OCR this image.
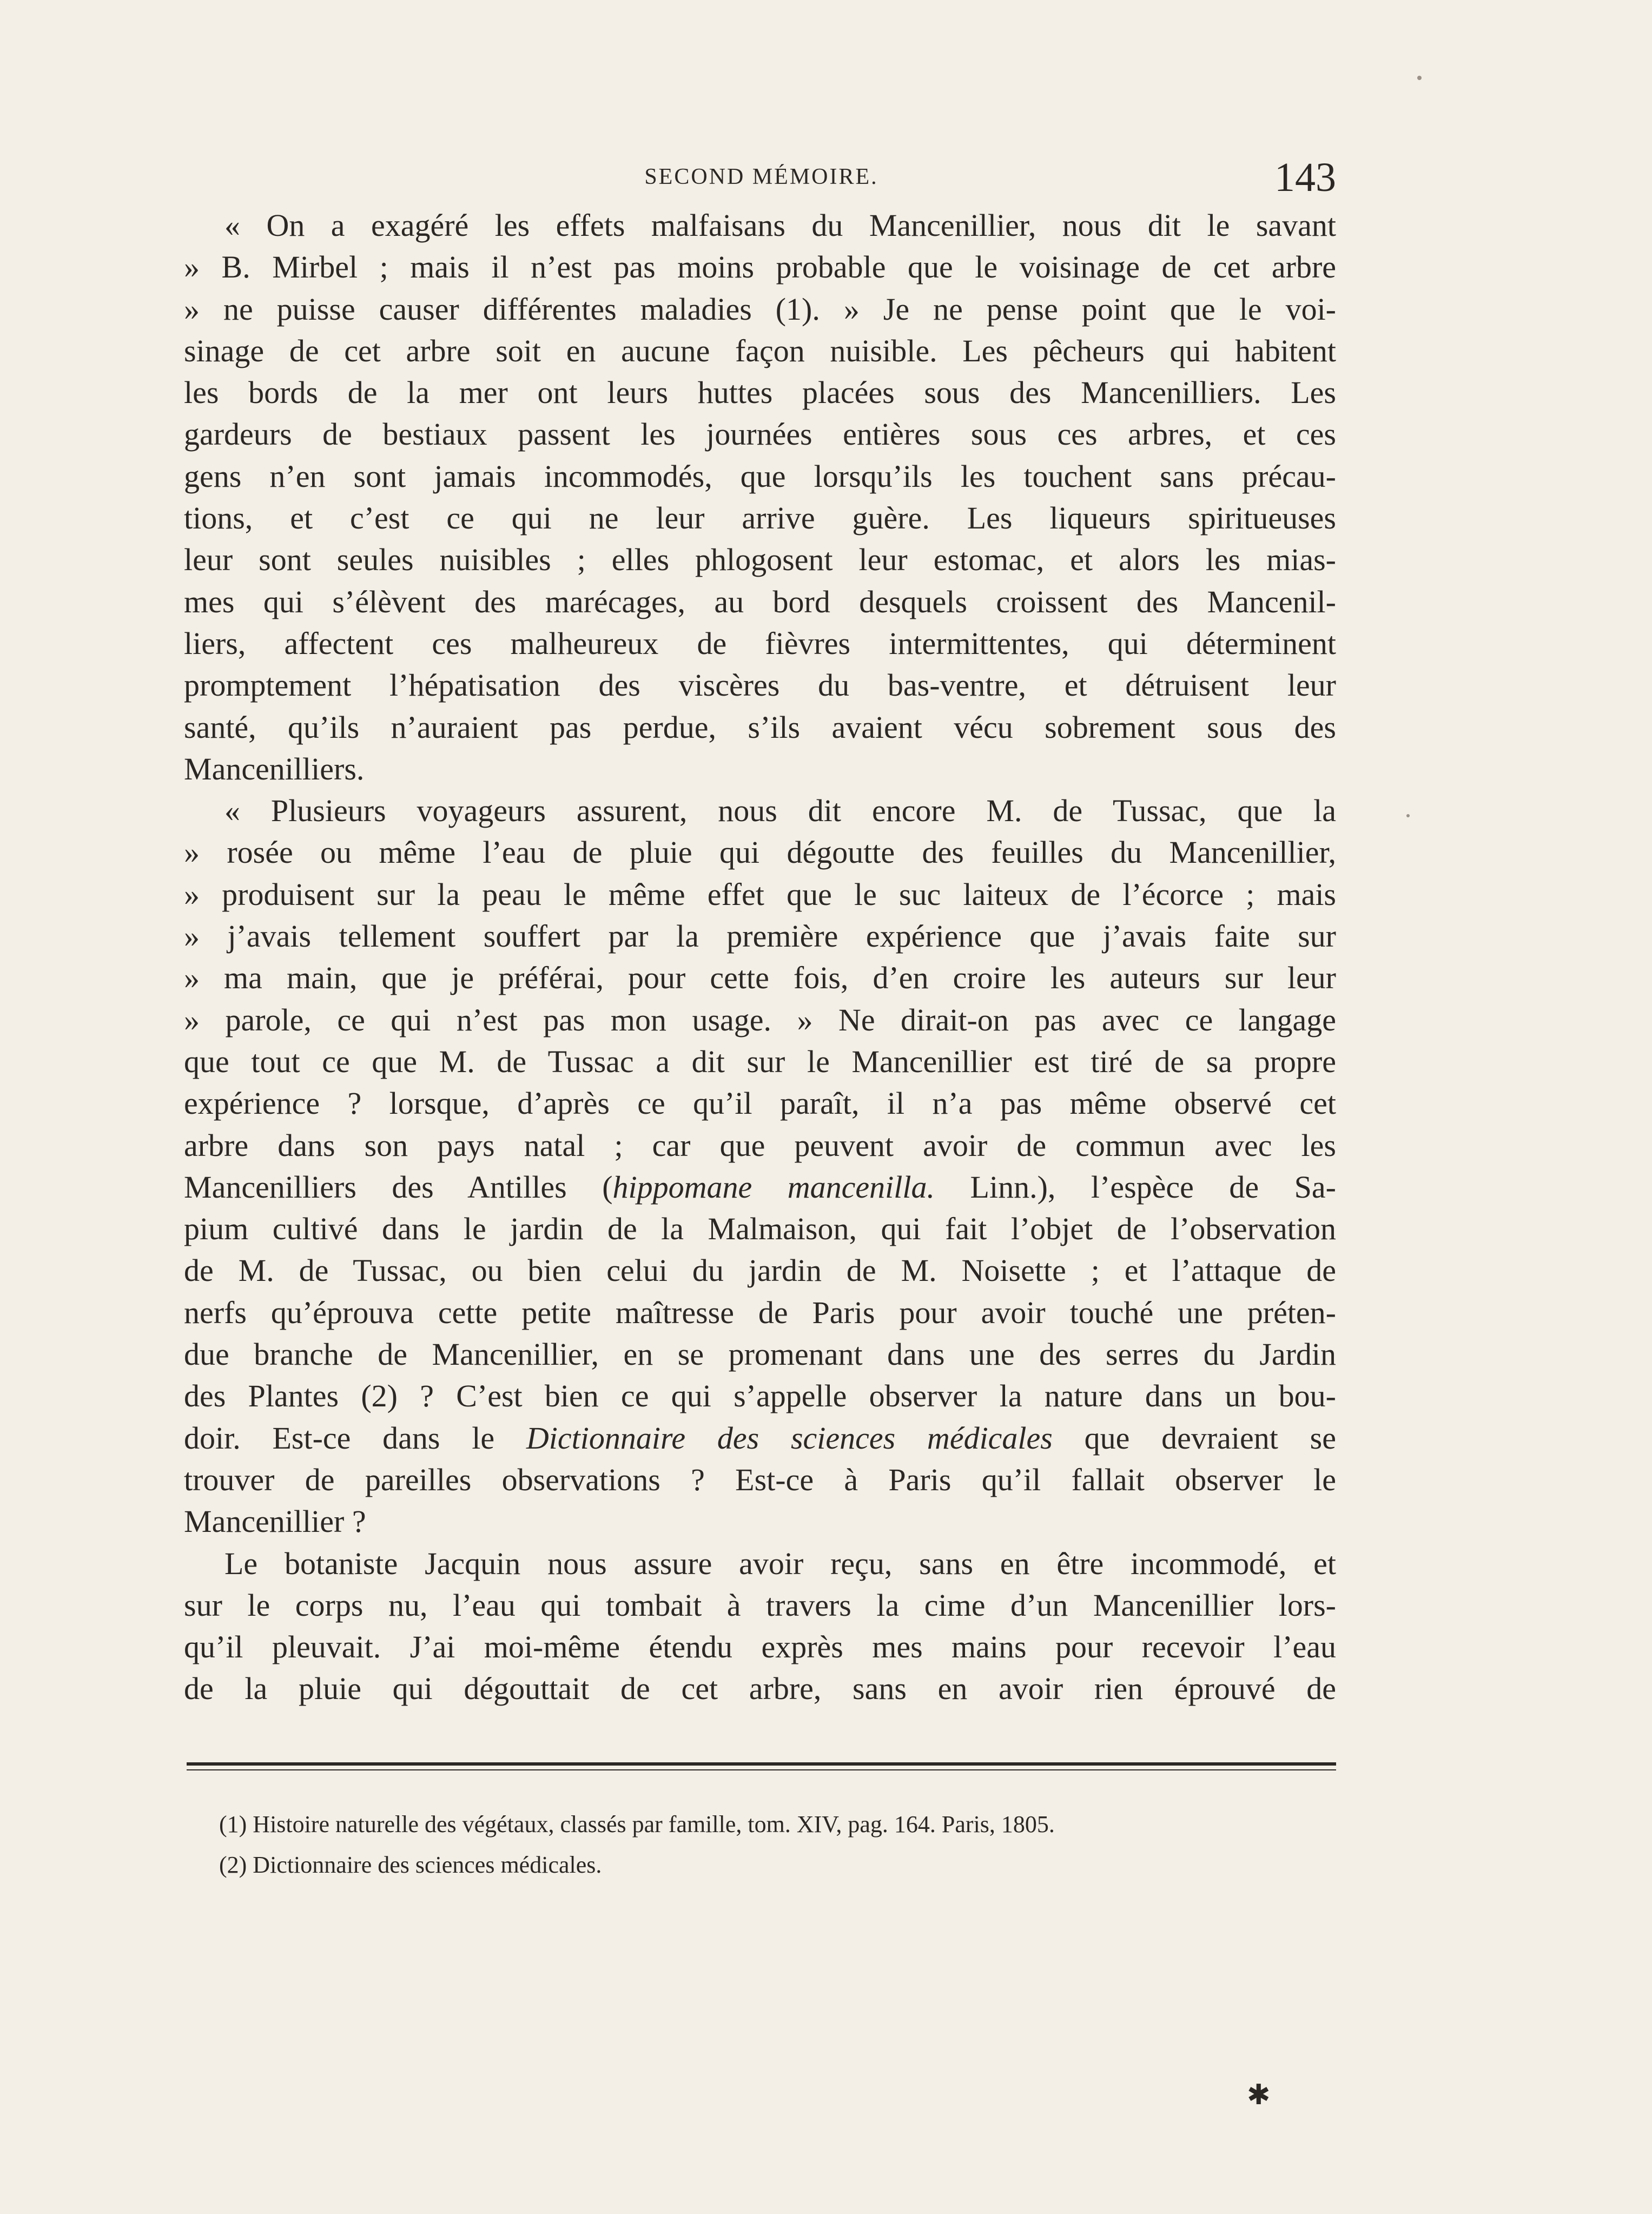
SECOND MÉMOIRE.	143
« On a exagéré les effets malfaisans du Mancenillier, nous dit le savant
» B. Mirbel ; mais il n’est pas moins probable que le voisinage de cet arbre
» ne puisse causer différentes maladies (1). » Je ne pense point que le voi-
sinage de cet arbre soit en aucune façon nuisible. Les pêcheurs qui habitent
les bords de la mer ont leurs huttes placées sous des Mancenilliers. Les
gardeurs de bestiaux passent les journées entières sous ces arbres, et ces
gens n’en sont jamais incommodés, que lorsqu’ils les touchent sans précau-
tions, et c’est ce qui ne leur arrive guère. Les liqueurs spiritueuses
leur sont seules nuisibles ; elles phlogosent leur estomac, et alors les mias-
mes qui s’élèvent des marécages, au bord desquels croissent des Mancenil-
liers, affectent ces malheureux de fièvres intermittentes, qui déterminent
promptement l’hépatisation des viscères du bas-ventre, et détruisent leur
santé, qu’ils n’auraient pas perdue, s’ils avaient vécu sobrement sous des
Mancenilliers.
« Plusieurs voyageurs assurent, nous dit encore M. de Tussac, que la
» rosée ou même l’eau de pluie qui dégoutte des feuilles du Mancenillier,
» produisent sur la peau le même effet que le suc laiteux de l’écorce ; mais
» j’avais tellement souffert par la première expérience que j’avais faite sur
» ma main, que je préférai, pour cette fois, d’en croire les auteurs sur leur
» parole, ce qui n’est pas mon usage. » Ne dirait-on pas avec ce langage
que tout ce que M. de Tussac a dit sur le Mancenillier est tiré de sa propre
expérience ? lorsque, d’après ce qu’il paraît, il n’a pas même observé cet
arbre dans son pays natal ; car que peuvent avoir de commun avec les
Mancenilliers des Antilles (hippomane mancenilla. Linn.), l’espèce de Sa-
pium cultivé dans le jardin de la Malmaison, qui fait l’objet de l’observation
de M. de Tussac, ou bien celui du jardin de M. Noisette ; et l’attaque de
nerfs qu’éprouva cette petite maîtresse de Paris pour avoir touché une préten-
due branche de Mancenillier, en se promenant dans une des serres du Jardin
des Plantes (2) ? C’est bien ce qui s’appelle observer la nature dans un bou-
doir. Est-ce dans le Dictionnaire des sciences médicales que devraient se
trouver de pareilles observations ? Est-ce à Paris qu’il fallait observer le
Mancenillier ?
Le botaniste Jacquin nous assure avoir reçu, sans en être incommodé, et
sur le corps nu, l’eau qui tombait à travers la cime d’un Mancenillier lors-
qu’il pleuvait. J’ai moi-même étendu exprès mes mains pour recevoir l’eau
de la pluie qui dégouttait de cet arbre, sans en avoir rien éprouvé de
(1) Histoire naturelle des végétaux, classés par famille, tom. XIV, pag. 164. Paris, 1805.
(2) Dictionnaire des sciences médicales.
✱
